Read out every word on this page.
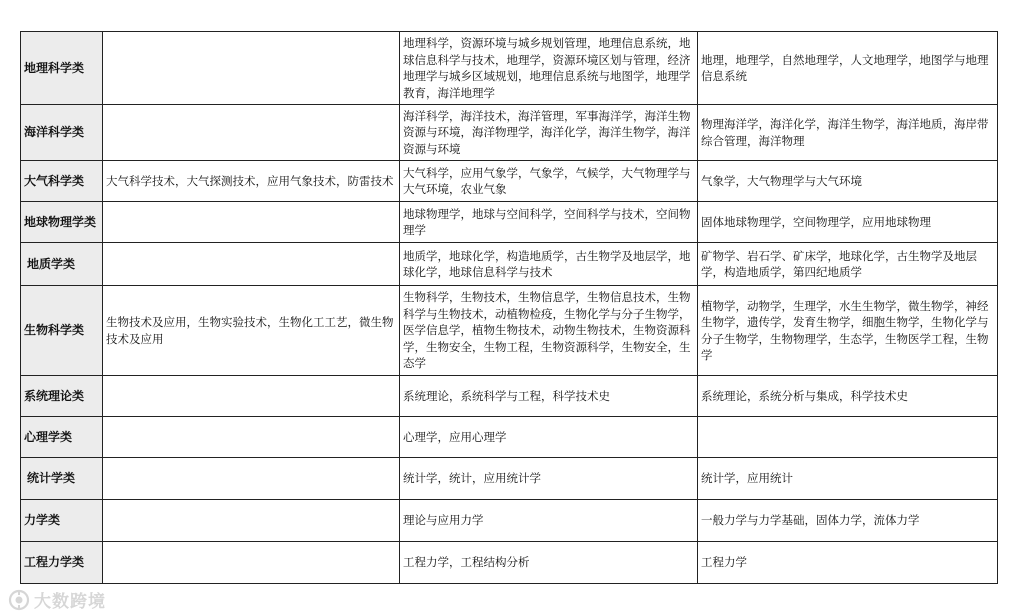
地理科学类		地理科学，资源环境与城乡规划管理，地理信息系统，地球信息科学与技术，地理学，资源环境区划与管理，经济地理学与城乡区域规划，地理信息系统与地图学，地理学教育，海洋地理学	地理，地理学，自然地理学，人文地理学，地图学与地理信息系统
海洋科学类		海洋科学，海洋技术，海洋管理，军事海洋学，海洋生物资源与环境，海洋物理学，海洋化学，海洋生物学，海洋资源与环境	物理海洋学，海洋化学，海洋生物学，海洋地质，海岸带综合管理，海洋物理
大气科学类	大气科学技术，大气探测技术，应用气象技术，防雷技术	大气科学，应用气象学，气象学，气候学，大气物理学与大气环境，农业气象	气象学，大气物理学与大气环境
地球物理学类		地球物理学，地球与空间科学，空间科学与技术，空间物理学	固体地球物理学，空间物理学，应用地球物理
地质学类		地质学，地球化学，构造地质学，古生物学及地层学，地球化学，地球信息科学与技术	矿物学、岩石学、矿床学，地球化学，古生物学及地层学，构造地质学，第四纪地质学
生物科学类	生物技术及应用，生物实验技术，生物化工工艺，微生物技术及应用	生物科学，生物技术，生物信息学，生物信息技术，生物科学与生物技术，动植物检疫，生物化学与分子生物学，医学信息学，植物生物技术，动物生物技术，生物资源科学，生物安全，生物工程，生物资源科学，生物安全，生态学	植物学，动物学，生理学，水生生物学，微生物学，神经生物学，遗传学，发育生物学，细胞生物学，生物化学与分子生物学，生物物理学，生态学，生物医学工程，生物学
系统理论类		系统理论，系统科学与工程，科学技术史	系统理论，系统分析与集成，科学技术史
心理学类		心理学，应用心理学	
统计学类		统计学，统计，应用统计学	统计学，应用统计
力学类		理论与应用力学	一般力学与力学基础，固体力学，流体力学
工程力学类		工程力学，工程结构分析	工程力学
大数跨境
